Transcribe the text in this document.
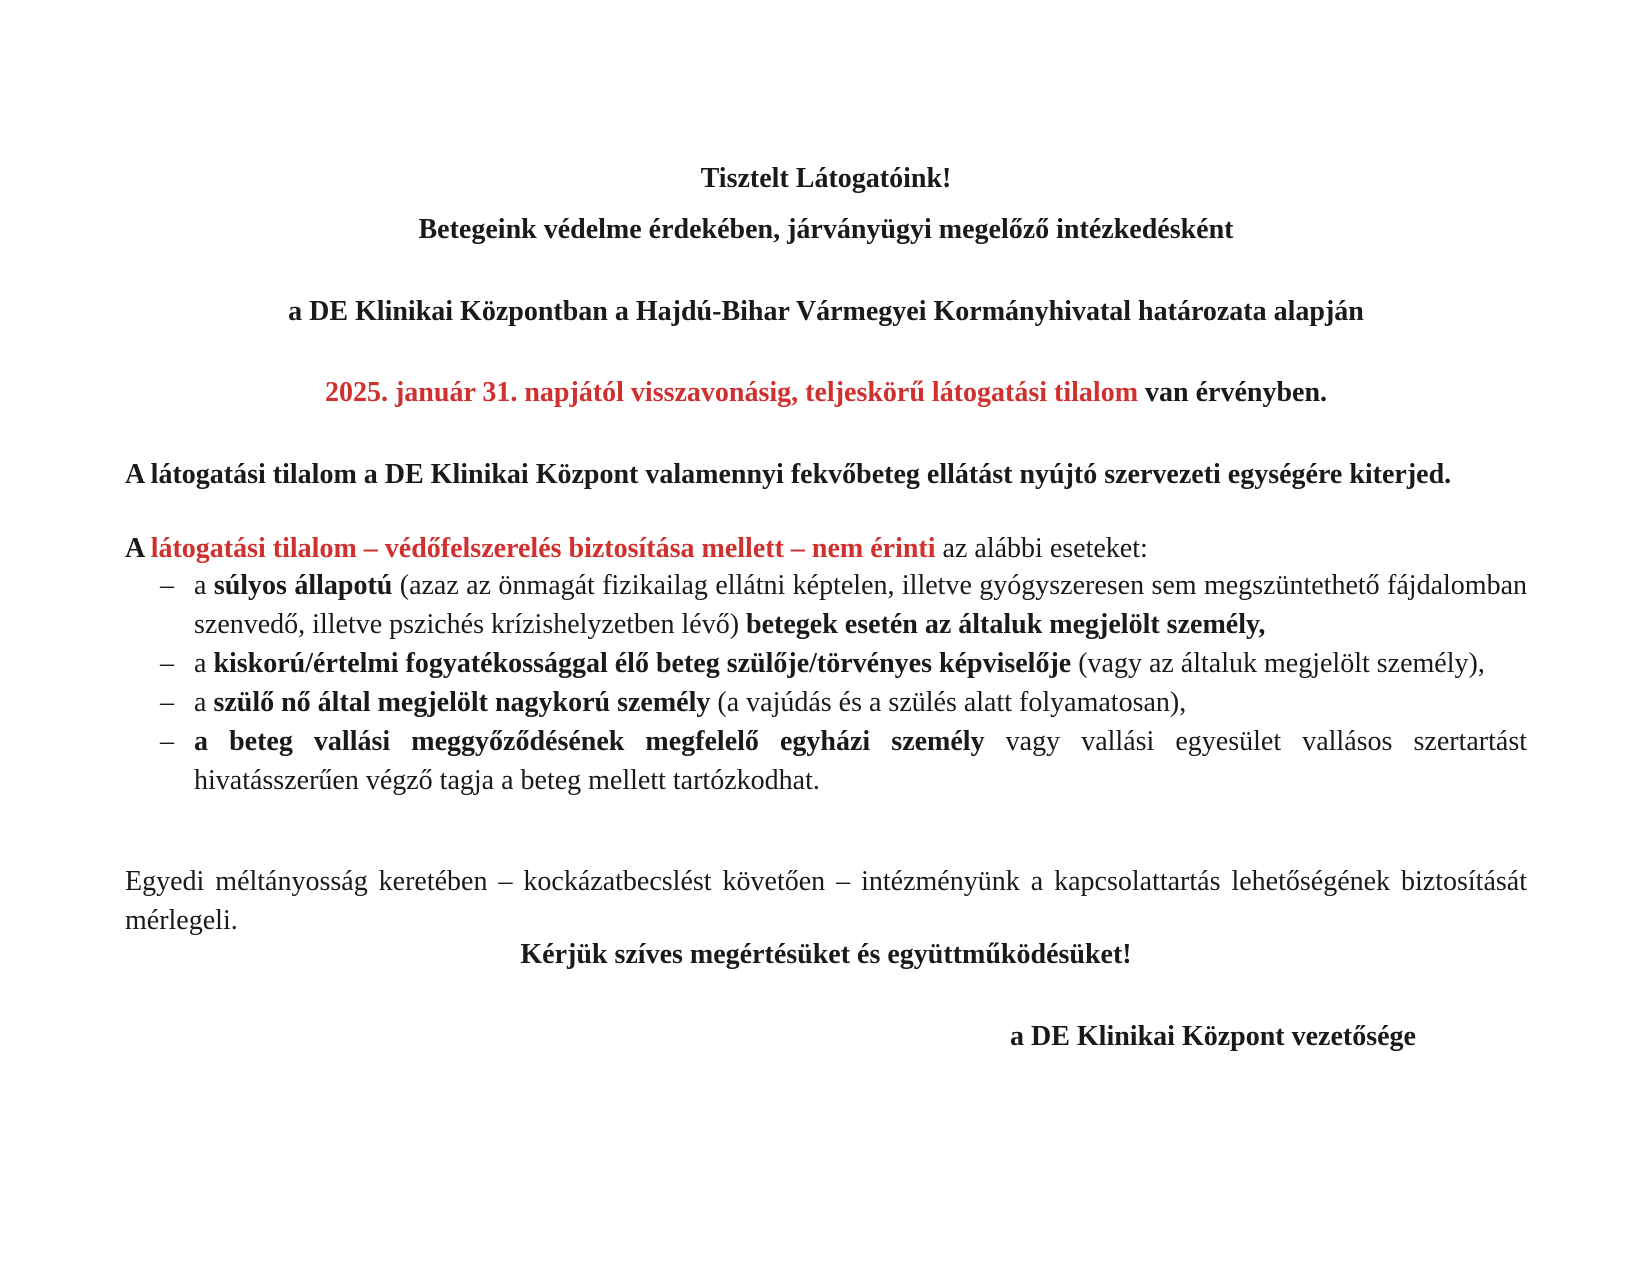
Tisztelt Látogatóink!
Betegeink védelme érdekében, járványügyi megelőző intézkedésként
a DE Klinikai Központban a Hajdú-Bihar Vármegyei Kormányhivatal határozata alapján
2025. január 31. napjától visszavonásig, teljeskörű látogatási tilalom van érvényben.
A látogatási tilalom a DE Klinikai Központ valamennyi fekvőbeteg ellátást nyújtó szervezeti egységére kiterjed.
A látogatási tilalom – védőfelszerelés biztosítása mellett – nem érinti az alábbi eseteket:
– a súlyos állapotú (azaz az önmagát fizikailag ellátni képtelen, illetve gyógyszeresen sem megszüntethető fájdalomban szenvedő, illetve pszichés krízishelyzetben lévő) betegek esetén az általuk megjelölt személy,
– a kiskorú/értelmi fogyatékossággal élő beteg szülője/törvényes képviselője (vagy az általuk megjelölt személy),
– a szülő nő által megjelölt nagykorú személy (a vajúdás és a szülés alatt folyamatosan),
– a beteg vallási meggyőződésének megfelelő egyházi személy vagy vallási egyesület vallásos szertartást hivatásszerűen végző tagja a beteg mellett tartózkodhat.
Egyedi méltányosság keretében – kockázatbecslést követően – intézményünk a kapcsolattartás lehetőségének biztosítását mérlegeli.
Kérjük szíves megértésüket és együttműködésüket!
a DE Klinikai Központ vezetősége
